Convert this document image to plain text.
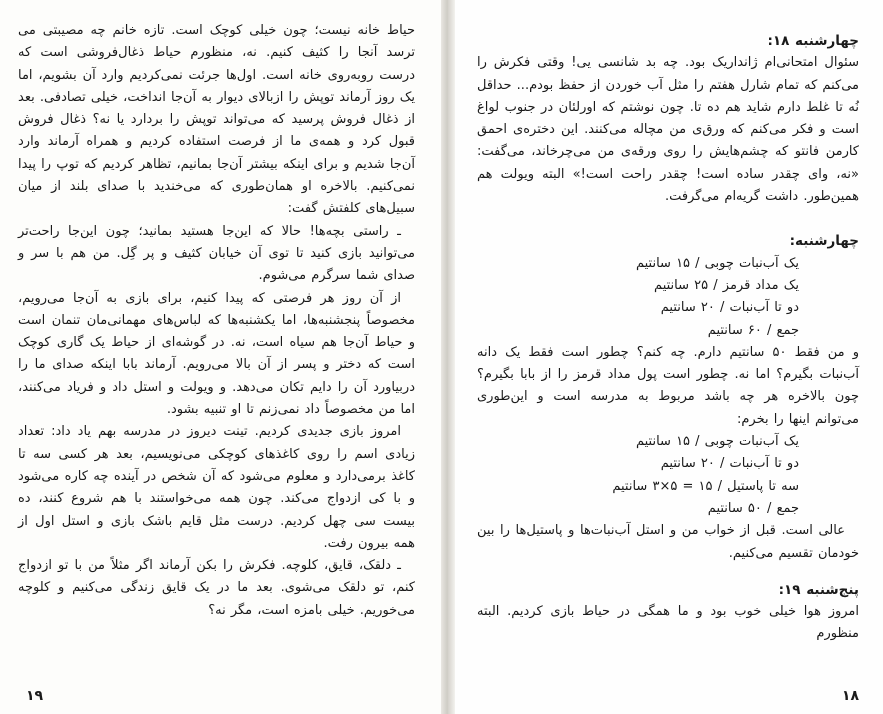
حیاط خانه نیست؛ چون خیلی کوچک است. تازه خانم چه مصیبتی می ترسد آنجا را کثیف کنیم. نه، منظورم حیاط ذغال‌فروشی است که درست روبه‌روی خانه است. اول‌ها جرئت نمی‌کردیم وارد آن بشویم، اما یک روز آرماند توپش را ازبالای دیوار به آن‌جا انداخت، خیلی تصادفی. بعد از ذغال فروش پرسید که می‌تواند توپش را بردارد یا نه؟ ذغال فروش قبول کرد و همه‌ی ما از فرصت استفاده کردیم و همراه آرماند وارد آن‌جا شدیم و برای اینکه بیشتر آن‌جا بمانیم، تظاهر کردیم که توپ را پیدا نمی‌کنیم. بالاخره او همان‌طوری که می‌خندید با صدای بلند از میان سبیل‌های کلفتش گفت:

ـ راستی بچه‌ها! حالا که این‌جا هستید بمانید؛ چون این‌جا راحت‌تر می‌توانید بازی کنید تا توی آن خیابان کثیف و پر گِل. من هم با سر و صدای شما سرگرم می‌شوم.

از آن روز هر فرصتی که پیدا کنیم، برای بازی به آن‌جا می‌رویم، مخصوصاً پنجشنبه‌ها، اما یکشنبه‌ها که لباس‌های مهمانی‌مان تنمان است و حیاط آن‌جا هم سیاه است، نه. در گوشه‌ای از حیاط یک گاری کوچک است که دختر و پسر از آن بالا می‌رویم. آرماند بابا اینکه صدای ما را دربیاورد آن را دایم تکان می‌دهد. و ویولت و استل داد و فریاد می‌کنند، اما من مخصوصاً داد نمی‌زنم تا او تنبیه بشود.

امروز بازی جدیدی کردیم. تینت دیروز در مدرسه بهم یاد داد: تعداد زیادی اسم را روی کاغذهای کوچکی می‌نویسیم، بعد هر کسی سه تا کاغذ برمی‌دارد و معلوم می‌شود که آن شخص در آینده چه کاره می‌شود و با کی ازدواج می‌کند. چون همه می‌خواستند با هم شروع کنند، ده بیست سی چهل کردیم. درست مثل قایم باشک بازی و استل اول از همه بیرون رفت.

ـ دلقک، قایق، کلوچه. فکرش را بکن آرماند اگر مثلاً من با تو ازدواج کنم، تو دلقک می‌شوی. بعد ما در یک قایق زندگی می‌کنیم و کلوچه می‌خوریم. خیلی بامزه است، مگر نه؟

۱۹

چهارشنبه ۱۸:

سئوال امتحانی‌ام ژانداریک بود. چه بد شانسی یی! وقتی فکرش را می‌کنم که تمام شارل هفتم را مثل آب خوردن از حفظ بودم... حداقل نُه تا غلط دارم شاید هم ده تا. چون نوشتم که اورلئان در جنوب لواغ است و فکر می‌کنم که ورق‌ی من مچاله می‌کنند. این دختره‌ی احمق کارمن فانتو که چشم‌هایش را روی ورقه‌ی من می‌چرخاند، می‌گفت: «نه، وای چقدر ساده است! چقدر راحت است!» البته ویولت هم همین‌طور. داشت گریه‌ام می‌گرفت.

چهارشنبه:

یک آب‌نبات چوبی / ۱۵ سانتیم

یک مداد قرمز / ۲۵ سانتیم

دو تا آب‌نبات / ۲۰ سانتیم

جمع / ۶۰ سانتیم

و من فقط ۵۰ سانتیم دارم. چه کنم؟ چطور است فقط یک دانه آب‌نبات بگیرم؟ اما نه. چطور است پول مداد قرمز را از بابا بگیرم؟ چون بالاخره هر چه باشد مربوط به مدرسه است و این‌طوری می‌توانم اینها را بخرم:

یک آب‌نبات چوبی / ۱۵ سانتیم

دو تا آب‌نبات / ۲۰ سانتیم

سه تا پاستیل / ۱۵ = ۵×۳ سانتیم

جمع / ۵۰ سانتیم

عالی است. قبل از خواب من و استل آب‌نبات‌ها و پاستیل‌ها را بین خودمان تقسیم می‌کنیم.

پنج‌شنبه ۱۹:

امروز هوا خیلی خوب بود و ما همگی در حیاط بازی کردیم. البته منظورم

۱۸
